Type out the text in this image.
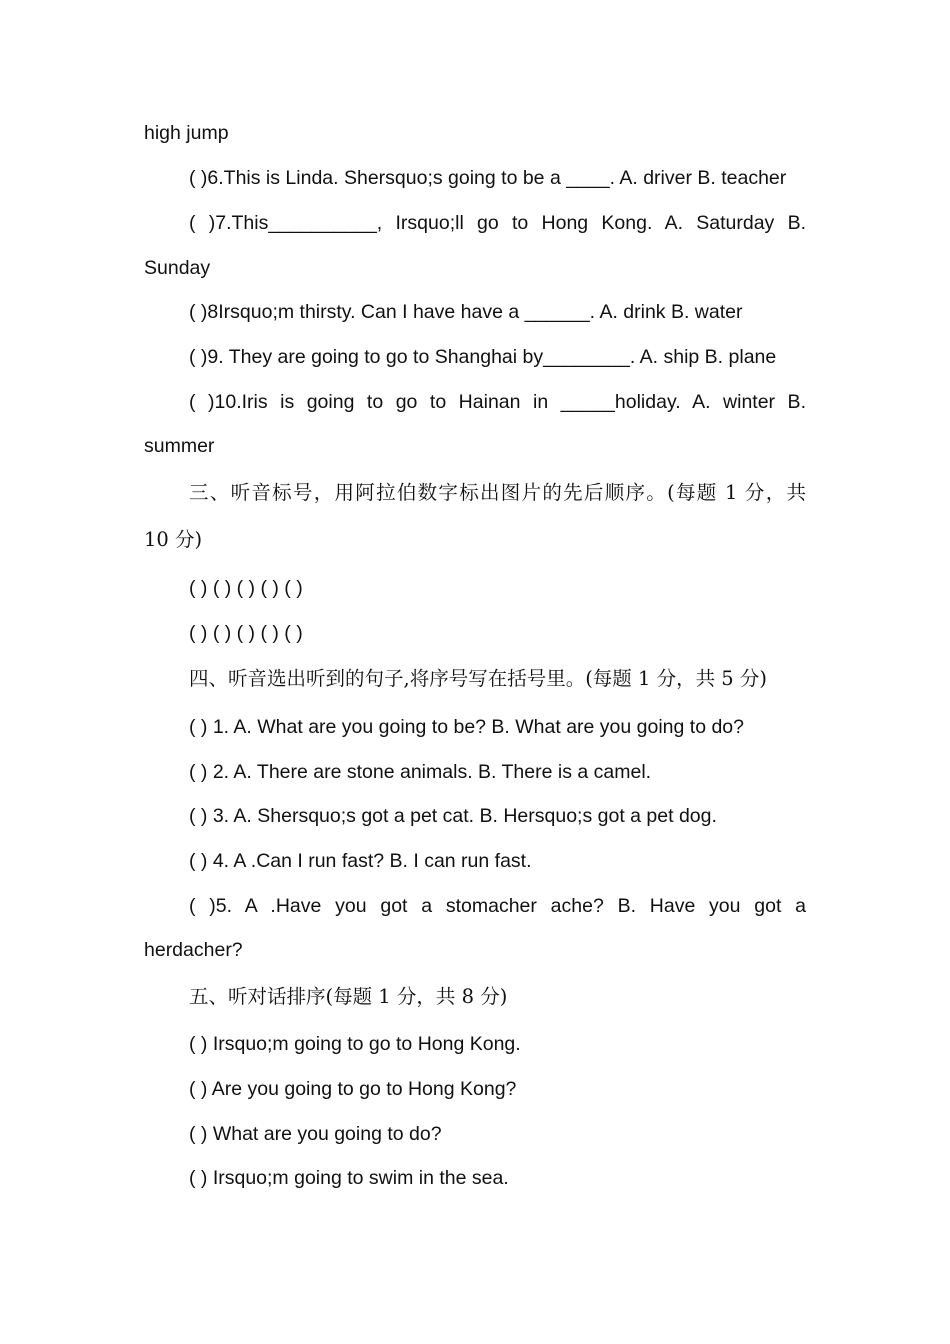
high jump
( )6.This is Linda. Shersquo;s going to be a ____. A. driver B. teacher
( )7.This__________, Irsquo;ll go to Hong Kong. A. Saturday B.
Sunday
( )8Irsquo;m thirsty. Can I have have a ______. A. drink B. water
( )9. They are going to go to Shanghai by________. A. ship B. plane
( )10.Iris is going to go to Hainan in _____holiday. A. winter B.
summer
三、听音标号，用阿拉伯数字标出图片的先后顺序。(每题 1 分，共
10 分)
( ) ( ) ( ) ( ) ( )
( ) ( ) ( ) ( ) ( )
四、听音选出听到的句子,将序号写在括号里。(每题 1 分，共 5 分)
( ) 1. A. What are you going to be? B. What are you going to do?
( ) 2. A. There are stone animals. B. There is a camel.
( ) 3. A. Shersquo;s got a pet cat. B. Hersquo;s got a pet dog.
( ) 4. A .Can I run fast? B. I can run fast.
( )5. A .Have you got a stomacher ache? B. Have you got a
herdacher?
五、听对话排序(每题 1 分，共 8 分)
( ) Irsquo;m going to go to Hong Kong.
( ) Are you going to go to Hong Kong?
( ) What are you going to do?
( ) Irsquo;m going to swim in the sea.
